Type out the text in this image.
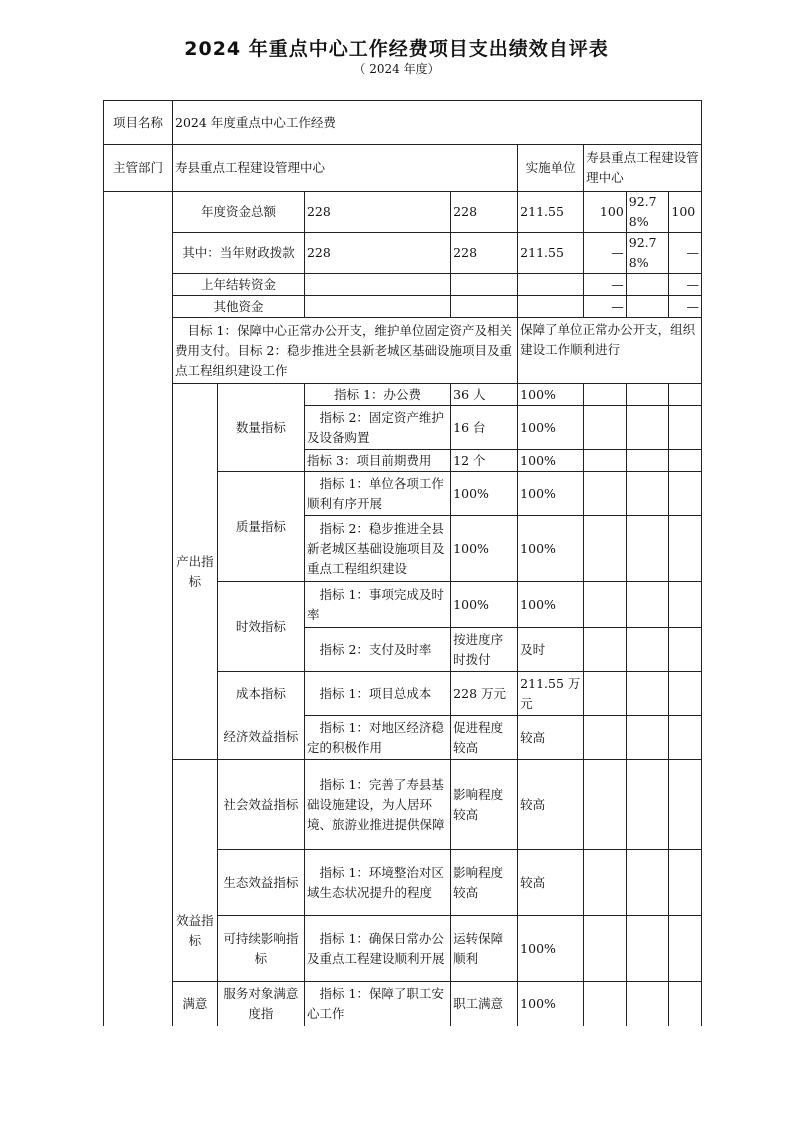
2024 年重点中心工作经费项目支出绩效自评表
（ 2024 年度）
项目名称	2024 年度重点中心工作经费							
主管部门	寿县重点工程建设管理中心				实施单位	寿县重点工程建设管理中心		
	年度资金总额		228	228	211.55	100	92.78%	100
	其中：当年财政拨款		228	228	211.55	—	92.78%	—
	上年结转资金					—		—
	其他资金					—		—
	目标 1：保障中心正常办公开支，维护单位固定资产及相关费用支付。目标 2：稳步推进全县新老城区基础设施项目及重点工程组织建设工作				保障了单位正常办公开支，组织建设工作顺利进行			
	产出指标	数量指标	指标 1：办公费	36 人	100%			
			指标 2：固定资产维护及设备购置	16 台	100%			
			指标 3：项目前期费用	12 个	100%			
		质量指标	指标 1：单位各项工作顺利有序开展	100%	100%			
			指标 2：稳步推进全县新老城区基础设施项目及重点工程组织建设	100%	100%			
		时效指标	指标 1：事项完成及时率	100%	100%			
			指标 2：支付及时率	按进度序时拨付	及时			
		成本指标	指标 1：项目总成本	228 万元	211.55 万元			
		经济效益指标	指标 1：对地区经济稳定的积极作用	促进程度较高	较高			
	效益指标	社会效益指标	指标 1：完善了寿县基础设施建设，为人居环境、旅游业推进提供保障	影响程度较高	较高			
		生态效益指标	指标 1：环境整治对区域生态状况提升的程度	影响程度较高	较高			
		可持续影响指标	指标 1：确保日常办公及重点工程建设顺利开展	运转保障顺利	100%			
	满意	服务对象满意度指	指标 1：保障了职工安心工作	职工满意	100%			
